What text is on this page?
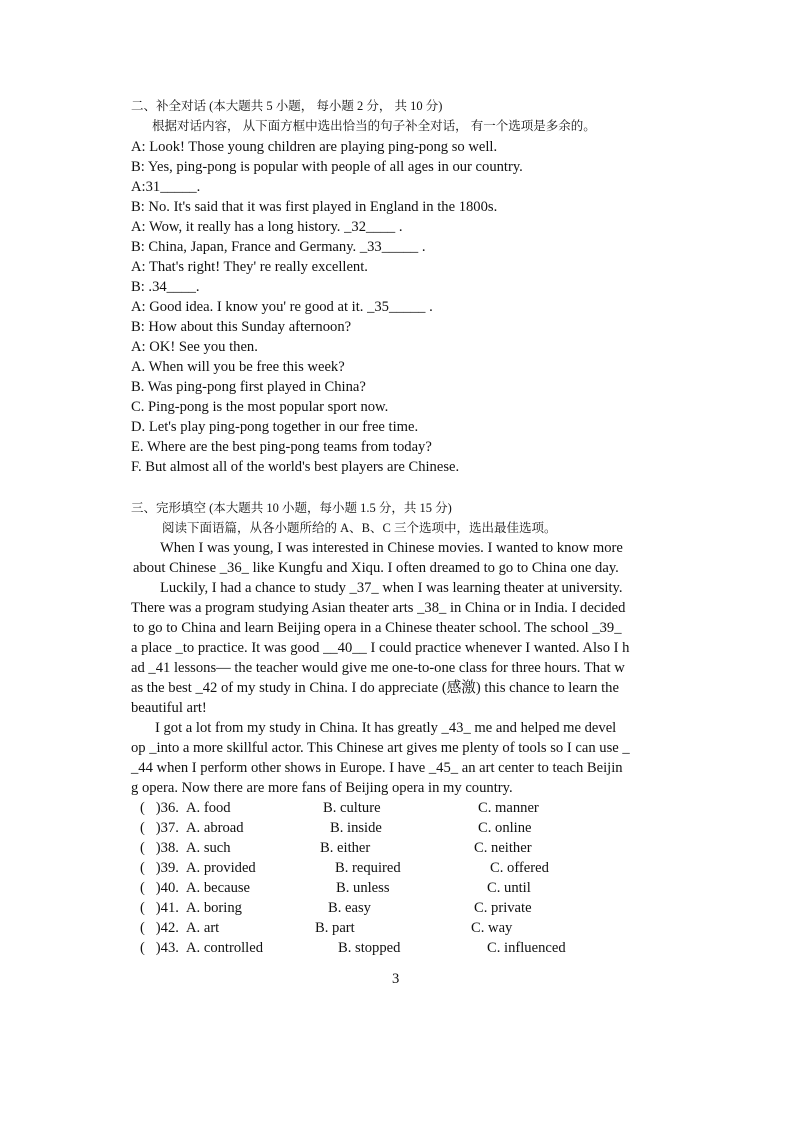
二、补全对话 (本大题共 5 小题， 每小题 2 分， 共 10 分)
根据对话内容， 从下面方框中选出恰当的句子补全对话， 有一个选项是多余的。
A: Look! Those young children are playing ping-pong so well.
B: Yes, ping-pong is popular with people of all ages in our country.
A:31_____.
B: No. It's said that it was first played in England in the 1800s.
A: Wow, it really has a long history. _32____ .
B: China, Japan, France and Germany. _33_____ .
A: That's right! They' re really excellent.
B: .34____.
A: Good idea. I know you' re good at it. _35_____ .
B: How about this Sunday afternoon?
A: OK! See you then.
A. When will you be free this week?
B. Was ping-pong first played in China?
C. Ping-pong is the most popular sport now.
D. Let's play ping-pong together in our free time.
E. Where are the best ping-pong teams from today?
F. But almost all of the world's best players are Chinese.
三、完形填空 (本大题共 10 小题，每小题 1.5 分，共 15 分)
阅读下面语篇，从各小题所给的 A、B、C 三个选项中，选出最佳选项。
When I was young, I was interested in Chinese movies. I wanted to know more
about Chinese _36_ like Kungfu and Xiqu. I often dreamed to go to China one day.
Luckily, I had a chance to study _37_ when I was learning theater at university.
There was a program studying Asian theater arts _38_ in China or in India. I decided
to go to China and learn Beijing opera in a Chinese theater school. The school _39_
a place _to practice. It was good __40__ I could practice whenever I wanted. Also I h
ad _41 lessons— the teacher would give me one-to-one class for three hours. That w
as the best _42 of my study in China. I do appreciate (感激) this chance to learn the
beautiful art!
I got a lot from my study in China. It has greatly _43_ me and helped me devel
op _into a more skillful actor. This Chinese art gives me plenty of tools so I can use _
_44 when I perform other shows in Europe. I have _45_ an art center to teach Beijin
g opera. Now there are more fans of Beijing opera in my country.
(   )36. A. food	B. culture	C. manner
(   )37. A. abroad	B. inside	C. online
(   )38. A. such	B. either	C. neither
(   )39. A. provided	B. required	C. offered
(   )40. A. because	B. unless	C. until
(   )41. A. boring	B. easy	C. private
(   )42. A. art	B. part	C. way
(   )43. A. controlled	B. stopped	C. influenced
3
